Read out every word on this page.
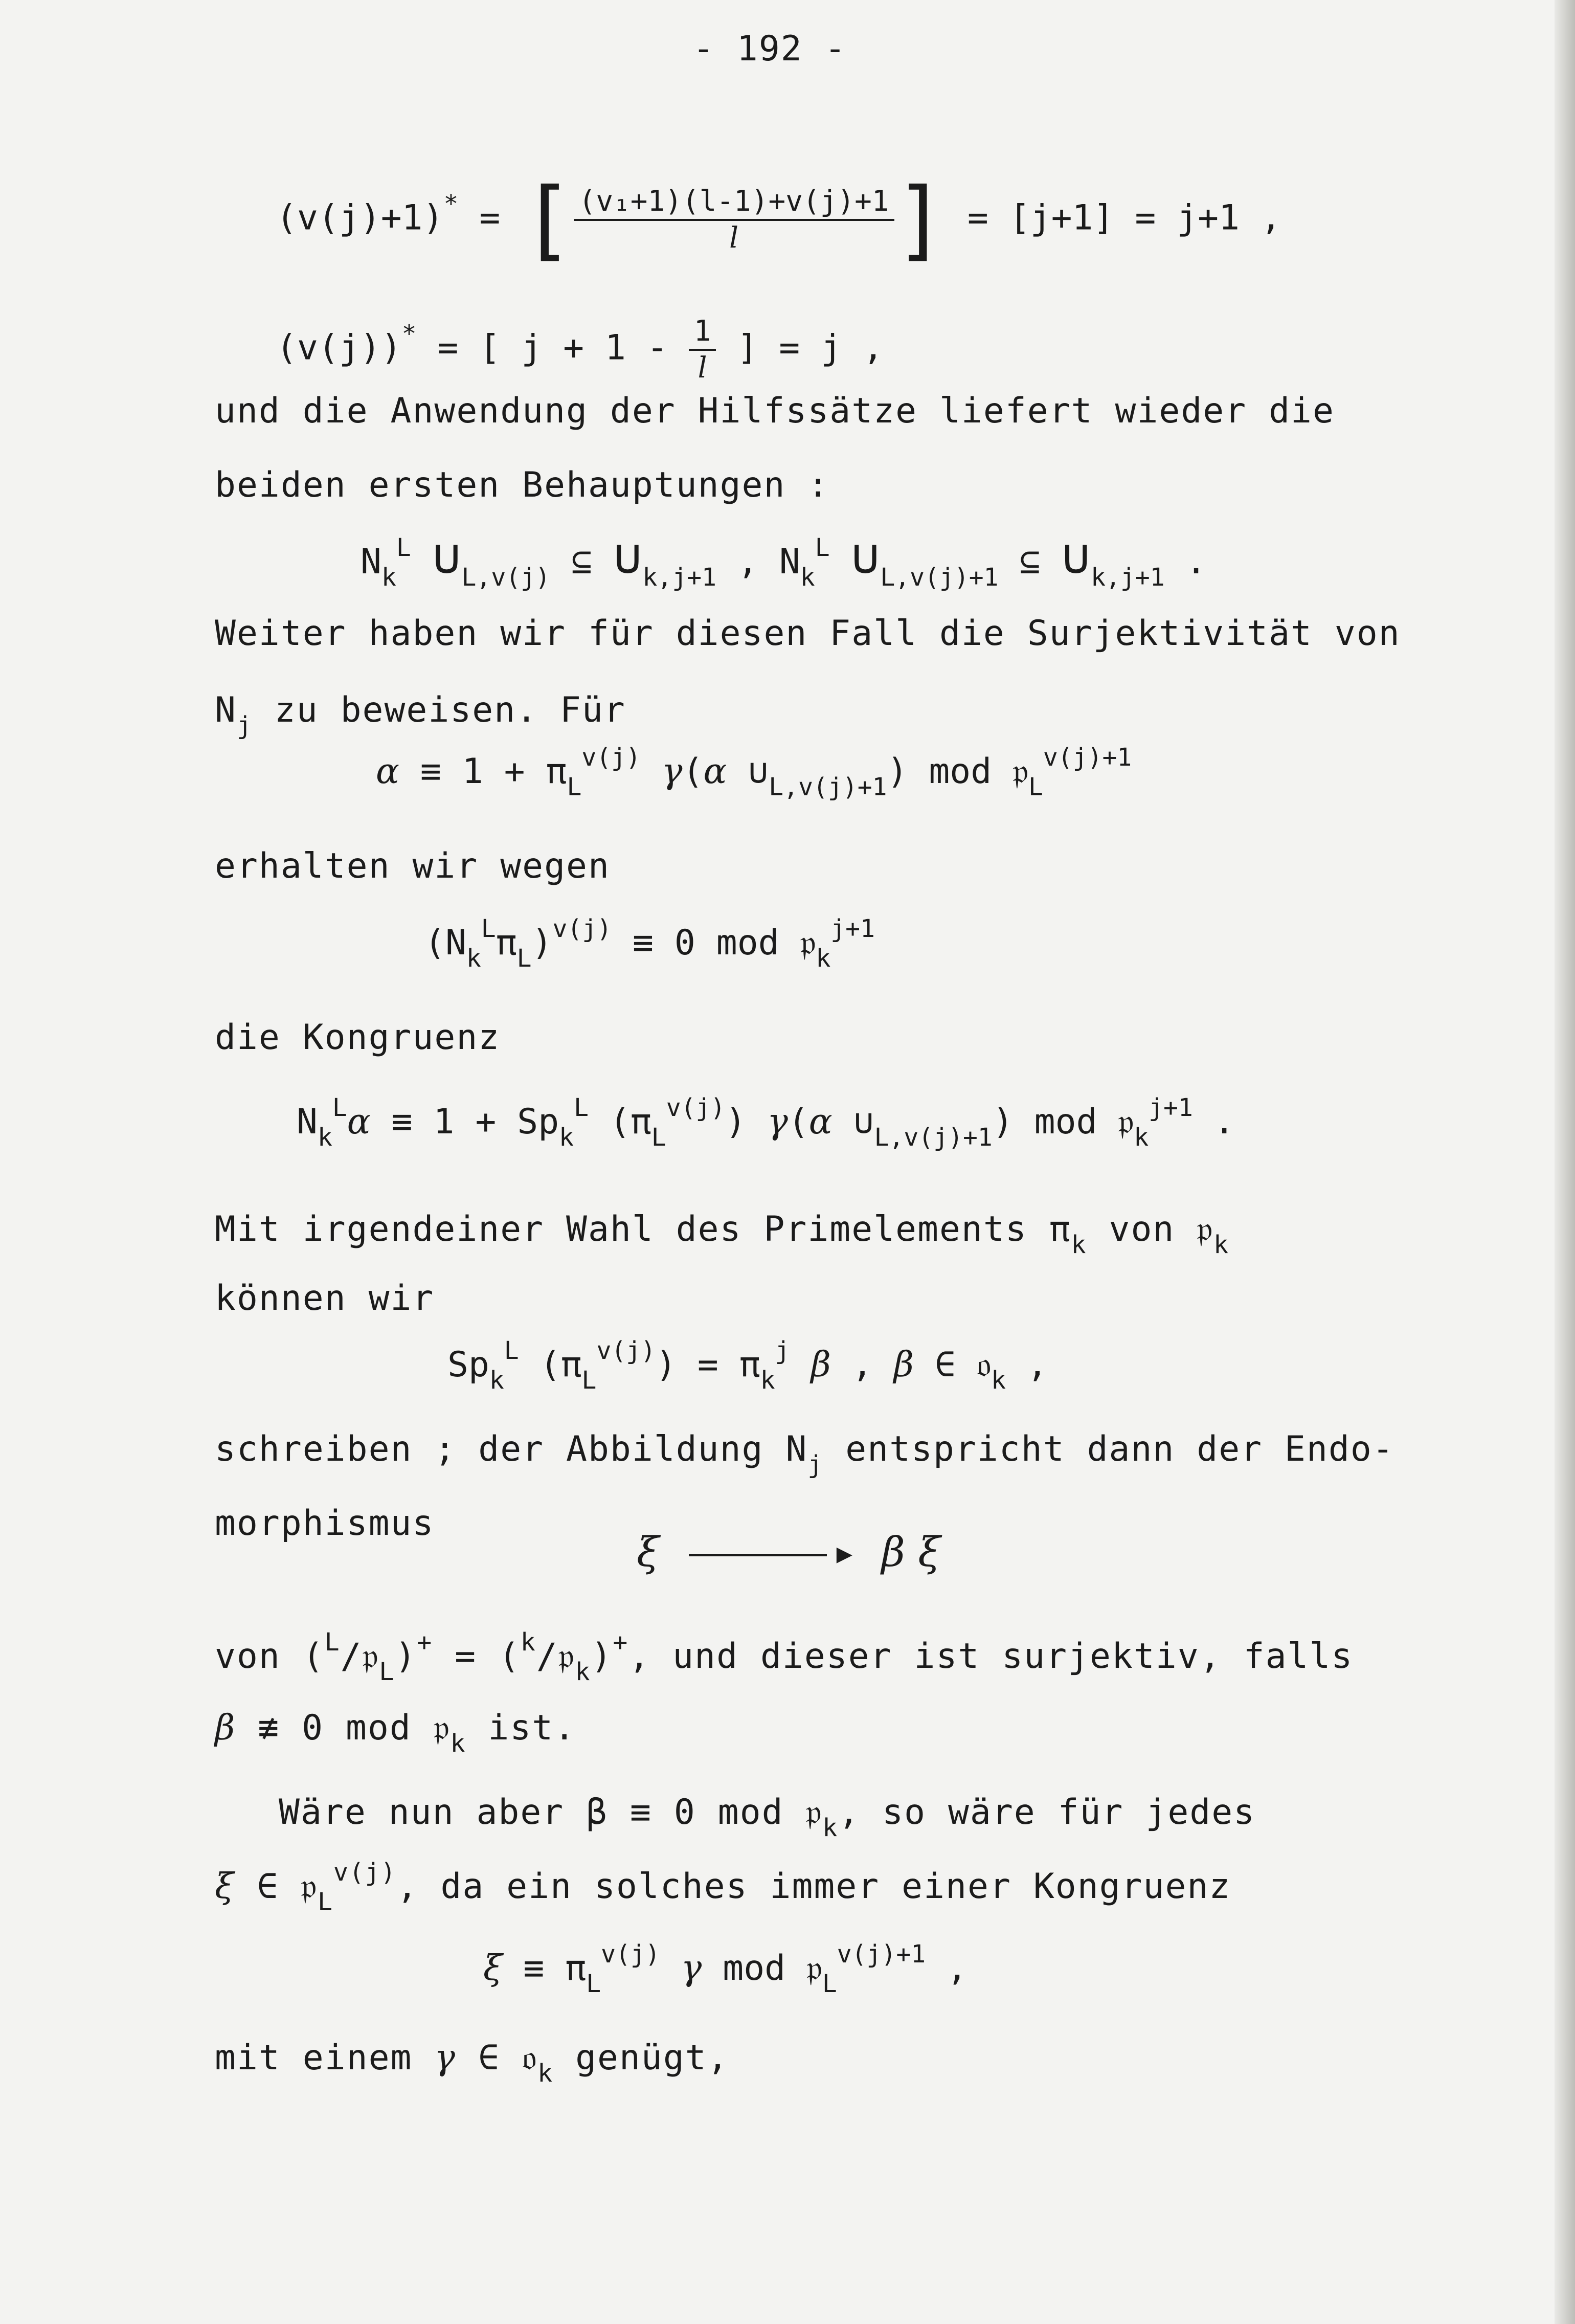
- 192 -
(v(j)+1)* = [ $\frac{\text{(v₁+1)(l-1)+v(j)+1}}{l}$ ] = [j+1] = j+1 ,
(v(j))* = [ $j + 1 - \frac{1}{l}$ ] = j ,
und die Anwendung der Hilfssätze liefert wieder die
beiden ersten Behauptungen :
$N_k^L$ $\cup_{L,v(j)}$ ⊆ $\cup_{k,j+1}$ , $N_k^L$ $\cup_{L,v(j)+1}$ ⊆ $\cup_{k,j+1}$ .
Weiter haben wir für diesen Fall die Surjektivität von
$N_j$ zu beweisen. Für
$\alpha \equiv 1 + \pi_L^{v(j)}$ γ(α $\cup_{L,v(j)+1}$) mod 𝔭$_L^{v(j)+1}$
erhalten wir wegen
$(N_k^L\pi_L)^{v(j)} \equiv 0$ mod 𝔭$_k^{j+1}$
die Kongruenz
$N_k^L\alpha \equiv 1 + Sp_k^L$ $(\pi_L^{v(j)})$ γ(α $\cup_{L,v(j)+1}$) mod 𝔭$_k^{j+1}$ .
Mit irgendeiner Wahl des Primelements $\pi_k$ von 𝔭$_k$
können wir
$Sp_k^L$ $(\pi_L^{v(j)}) = \pi_k^j$ β , β ∈ 𝔬$_k$ ,
schreiben ; der Abbildung $N_j$ entspricht dann der Endo-
morphismus
ξ	▸ β ξ
von ($^L$/𝔭$_L$)+ = ($^k$/𝔭$_k$)+, und dieser ist surjektiv, falls
β ≢ 0 mod 𝔭$_k$ ist.
Wäre nun aber β ≡ 0 mod 𝔭$_k$, so wäre für jedes
ξ ∈ 𝔭$_L^{v(j)}$, da ein solches immer einer Kongruenz
$\xi \equiv \pi_L^{v(j)}$ γ mod 𝔭$_L^{v(j)+1}$ ,
mit einem γ ∈ 𝔬$_k$ genügt,
